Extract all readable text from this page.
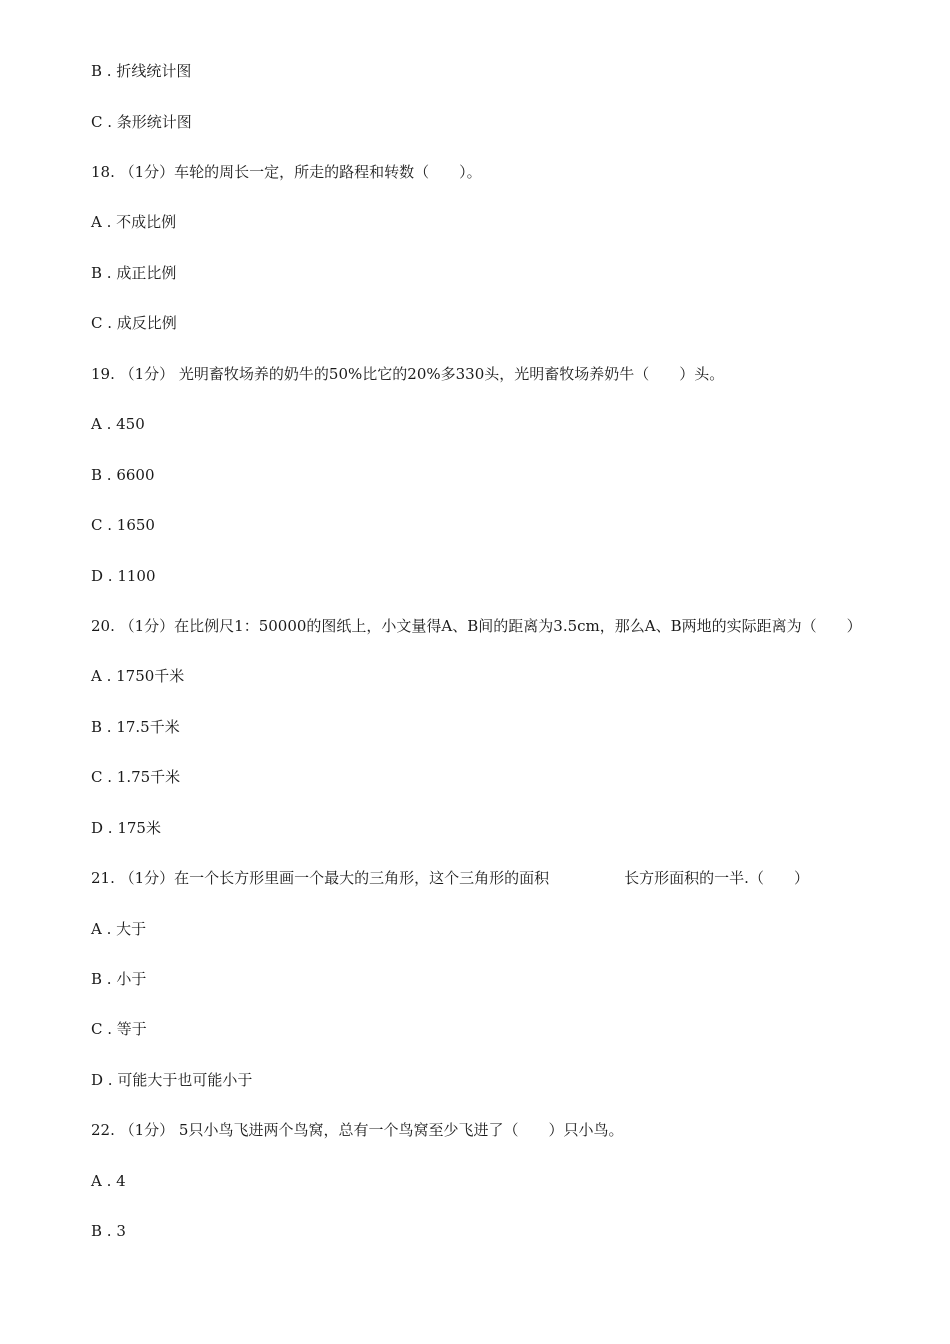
B . 折线统计图
C . 条形统计图
18. （1分）车轮的周长一定，所走的路程和转数（　　）。
A . 不成比例
B . 成正比例
C . 成反比例
19. （1分） 光明畜牧场养的奶牛的50%比它的20%多330头，光明畜牧场养奶牛（　　）头。
A . 450
B . 6600
C . 1650
D . 1100
20. （1分）在比例尺1：50000的图纸上，小文量得A、B间的距离为3.5cm，那么A、B两地的实际距离为（　　）
A . 1750千米
B . 17.5千米
C . 1.75千米
D . 175米
21. （1分）在一个长方形里画一个最大的三角形，这个三角形的面积　　　　　长方形面积的一半.（　　）
A . 大于
B . 小于
C . 等于
D . 可能大于也可能小于
22. （1分） 5只小鸟飞进两个鸟窝，总有一个鸟窝至少飞进了（　　）只小鸟。
A . 4
B . 3
